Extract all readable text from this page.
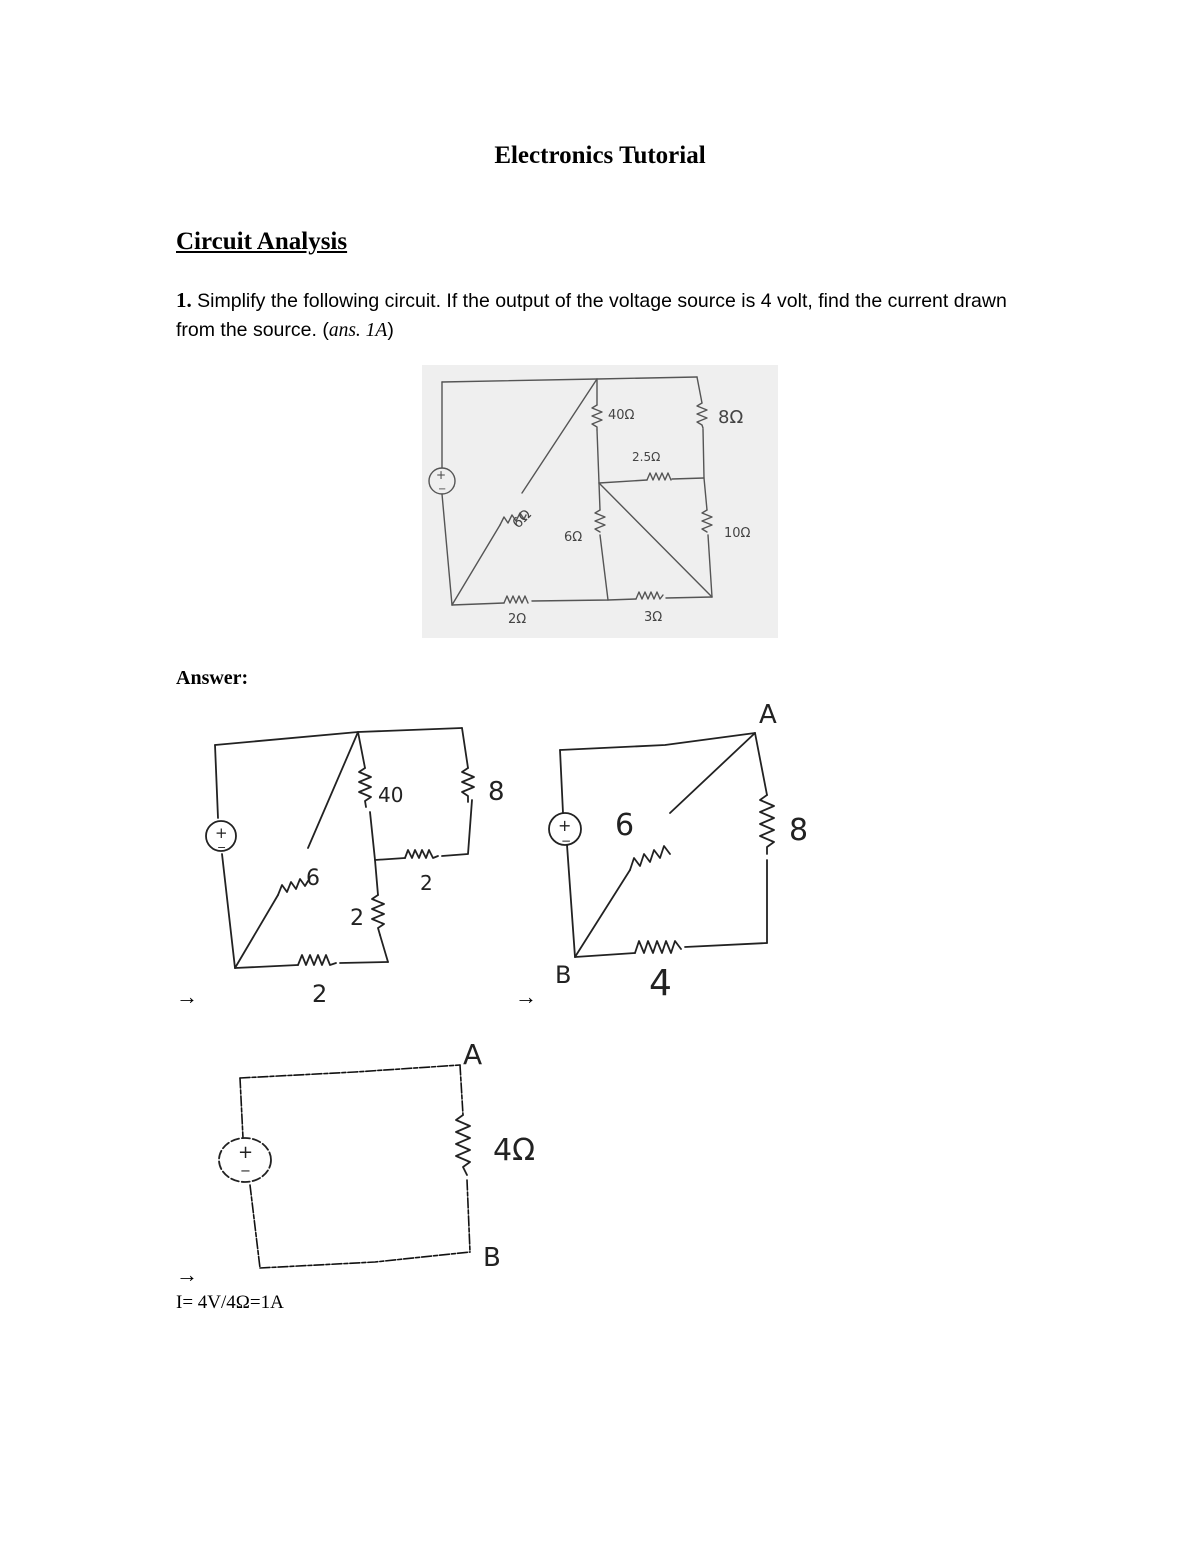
Electronics Tutorial
Circuit Analysis

1. Simplify the following circuit. If the output of the voltage source is 4 volt, find the current drawn from the source. (ans. 1A)

+
−
6Ω
40Ω
6Ω
2.5Ω
8Ω
10Ω
2Ω	3Ω
Answer:
+
−
6
40	8
2
2
2
→
A
B
+
− 6	8
4
→
A
B
+
−
4Ω
→
I= 4V/4Ω=1A
